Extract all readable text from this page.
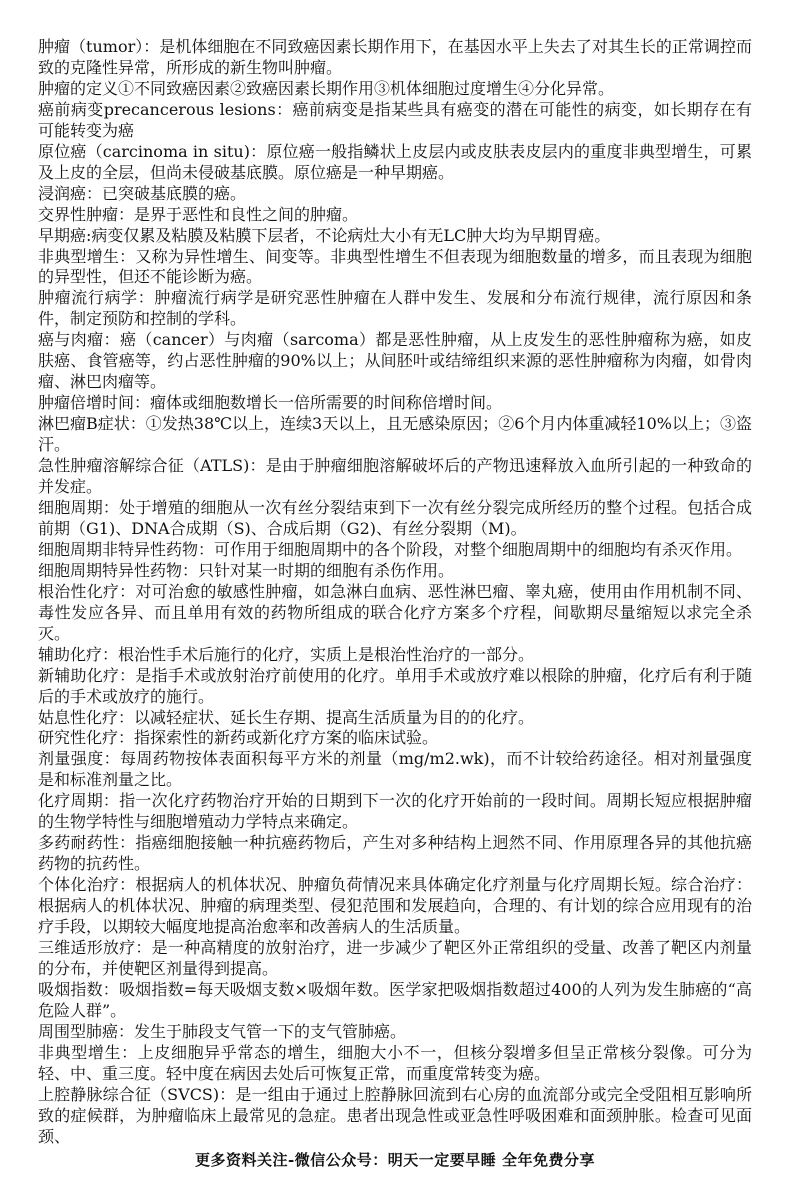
肿瘤（tumor）：是机体细胞在不同致癌因素长期作用下，在基因水平上失去了对其生长的正常调控而致的克隆性异常，所形成的新生物叫肿瘤。

肿瘤的定义①不同致癌因素②致癌因素长期作用③机体细胞过度增生④分化异常。

癌前病变precancerous lesions：癌前病变是指某些具有癌变的潜在可能性的病变，如长期存在有可能转变为癌

原位癌（carcinoma in situ)：原位癌一般指鳞状上皮层内或皮肤表皮层内的重度非典型增生，可累及上皮的全层，但尚未侵破基底膜。原位癌是一种早期癌。

浸润癌：已突破基底膜的癌。

交界性肿瘤：是界于恶性和良性之间的肿瘤。

早期癌:病变仅累及粘膜及粘膜下层者，不论病灶大小有无LC肿大均为早期胃癌。

非典型增生：又称为异性增生、间变等。非典型性增生不但表现为细胞数量的增多，而且表现为细胞的异型性，但还不能诊断为癌。

肿瘤流行病学：肿瘤流行病学是研究恶性肿瘤在人群中发生、发展和分布流行规律，流行原因和条件，制定预防和控制的学科。

癌与肉瘤：癌（cancer）与肉瘤（sarcoma）都是恶性肿瘤，从上皮发生的恶性肿瘤称为癌，如皮肤癌、食管癌等，约占恶性肿瘤的90%以上；从间胚叶或结缔组织来源的恶性肿瘤称为肉瘤，如骨肉瘤、淋巴肉瘤等。

肿瘤倍增时间：瘤体或细胞数增长一倍所需要的时间称倍增时间。

淋巴瘤B症状：①发热38℃以上，连续3天以上，且无感染原因；②6个月内体重减轻10%以上；③盗汗。

急性肿瘤溶解综合征（ATLS)：是由于肿瘤细胞溶解破坏后的产物迅速释放入血所引起的一种致命的并发症。

细胞周期：处于增殖的细胞从一次有丝分裂结束到下一次有丝分裂完成所经历的整个过程。包括合成前期（G1)、DNA合成期（S)、合成后期（G2)、有丝分裂期（M)。

细胞周期非特异性药物：可作用于细胞周期中的各个阶段，对整个细胞周期中的细胞均有杀灭作用。

细胞周期特异性药物：只针对某一时期的细胞有杀伤作用。

根治性化疗：对可治愈的敏感性肿瘤，如急淋白血病、恶性淋巴瘤、睾丸癌，使用由作用机制不同、毒性发应各异、而且单用有效的药物所组成的联合化疗方案多个疗程，间歇期尽量缩短以求完全杀灭。

辅助化疗：根治性手术后施行的化疗，实质上是根治性治疗的一部分。

新辅助化疗：是指手术或放射治疗前使用的化疗。单用手术或放疗难以根除的肿瘤，化疗后有利于随后的手术或放疗的施行。

姑息性化疗：以减轻症状、延长生存期、提高生活质量为目的的化疗。

研究性化疗：指探索性的新药或新化疗方案的临床试验。

剂量强度：每周药物按体表面积每平方米的剂量（mg/m2.wk)，而不计较给药途径。相对剂量强度是和标准剂量之比。

化疗周期：指一次化疗药物治疗开始的日期到下一次的化疗开始前的一段时间。周期长短应根据肿瘤的生物学特性与细胞增殖动力学特点来确定。

多药耐药性：指癌细胞接触一种抗癌药物后，产生对多种结构上迥然不同、作用原理各异的其他抗癌药物的抗药性。

个体化治疗：根据病人的机体状况、肿瘤负荷情况来具体确定化疗剂量与化疗周期长短。综合治疗：根据病人的机体状况、肿瘤的病理类型、侵犯范围和发展趋向，合理的、有计划的综合应用现有的治疗手段，以期较大幅度地提高治愈率和改善病人的生活质量。

三维适形放疗：是一种高精度的放射治疗，进一步减少了靶区外正常组织的受量、改善了靶区内剂量的分布，并使靶区剂量得到提高。

吸烟指数：吸烟指数=每天吸烟支数×吸烟年数。医学家把吸烟指数超过400的人列为发生肺癌的“高危险人群”。

周围型肺癌：发生于肺段支气管一下的支气管肺癌。

非典型增生：上皮细胞异乎常态的增生，细胞大小不一，但核分裂增多但呈正常核分裂像。可分为轻、中、重三度。轻中度在病因去处后可恢复正常，而重度常转变为癌。

上腔静脉综合征（SVCS)：是一组由于通过上腔静脉回流到右心房的血流部分或完全受阻相互影响所致的症候群，为肿瘤临床上最常见的急症。患者出现急性或亚急性呼吸困难和面颈肿胀。检查可见面颈、

更多资料关注-微信公众号：明天一定要早睡 全年免费分享
